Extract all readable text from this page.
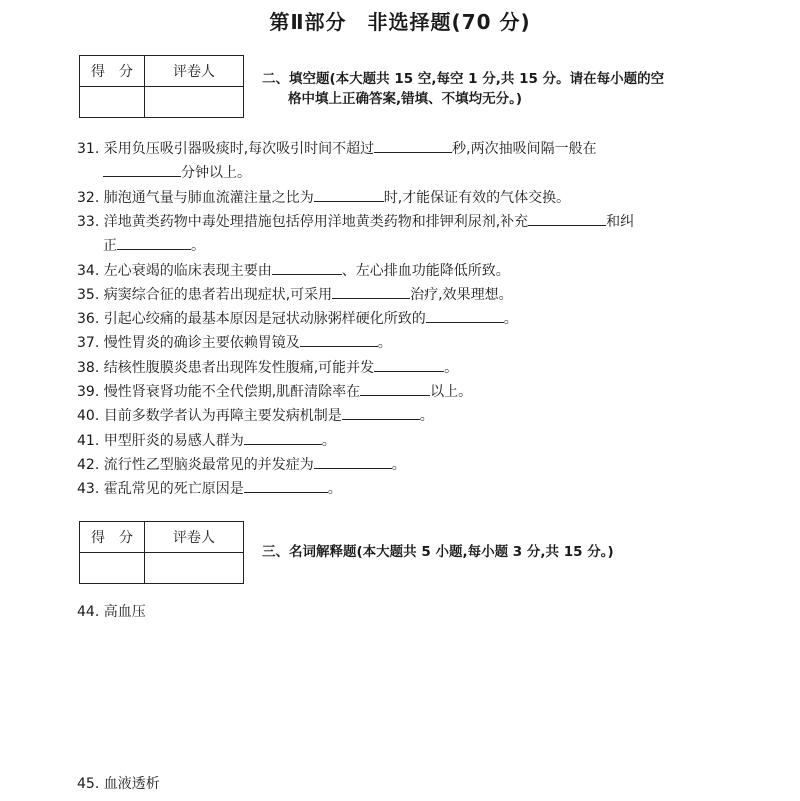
第Ⅱ部分　非选择题(70 分)
得　分	评卷人
		二、填空题(本大题共 15 空,每空 1 分,共 15 分。请在每小题的空
格中填上正确答案,错填、不填均无分。)
31. 采用负压吸引器吸痰时,每次吸引时间不超过	秒,两次抽吸间隔一般在
分钟以上。
32. 肺泡通气量与肺血流灌注量之比为	时,才能保证有效的气体交换。
33. 洋地黄类药物中毒处理措施包括停用洋地黄类药物和排钾利尿剂,补充	和纠
正	。
34. 左心衰竭的临床表现主要由	、左心排血功能降低所致。
35. 病窦综合征的患者若出现症状,可采用	治疗,效果理想。
36. 引起心绞痛的最基本原因是冠状动脉粥样硬化所致的	。
37. 慢性胃炎的确诊主要依赖胃镜及	。
38. 结核性腹膜炎患者出现阵发性腹痛,可能并发	。
39. 慢性肾衰肾功能不全代偿期,肌酐清除率在	以上。
40. 目前多数学者认为再障主要发病机制是	。
41. 甲型肝炎的易感人群为	。
42. 流行性乙型脑炎最常见的并发症为	。
43. 霍乱常见的死亡原因是	。
得　分	评卷人

三、名词解释题(本大题共 5 小题,每小题 3 分,共 15 分。)
44. 高血压
45. 血液透析
